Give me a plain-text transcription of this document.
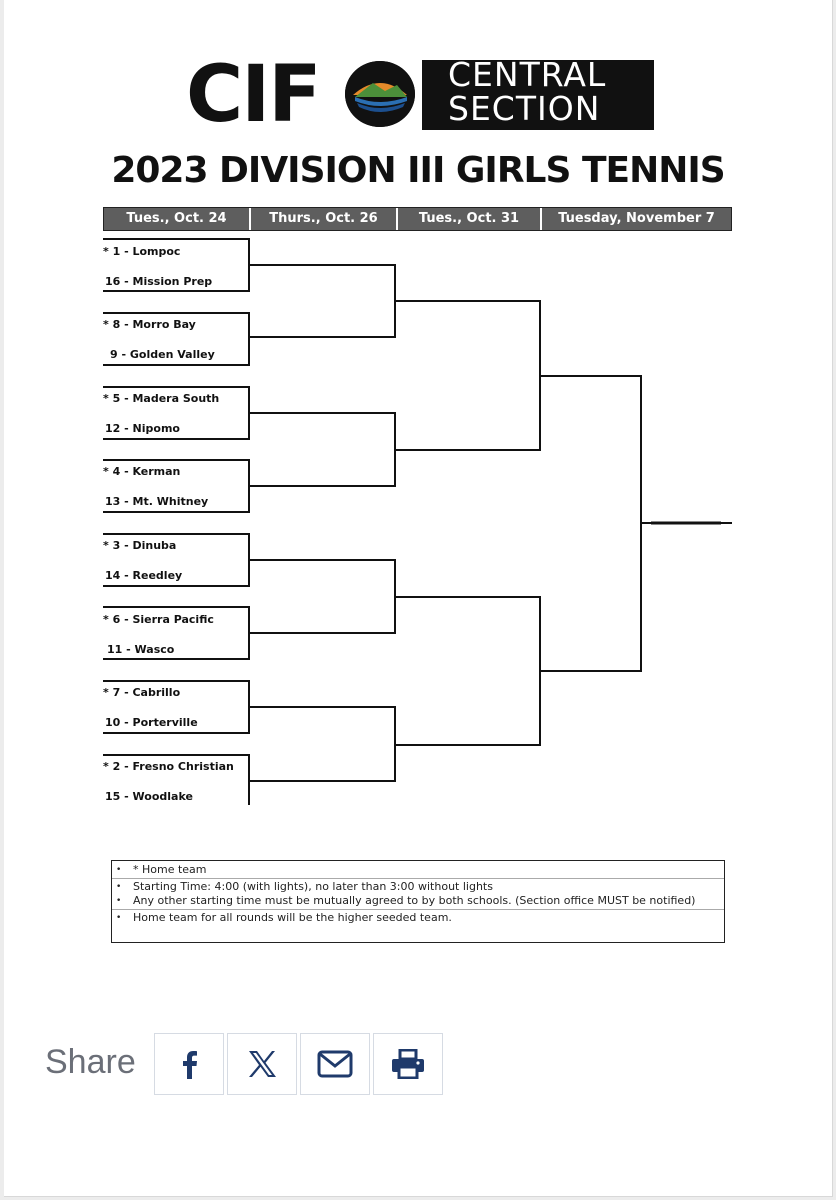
CIF	CENTRAL
SECTION
2023 DIVISION III GIRLS TENNIS
Tues., Oct. 24	Thurs., Oct. 26	Tues., Oct. 31	Tuesday, November 7
* 1 - Lompoc
16 - Mission Prep
* 8 - Morro Bay
9 - Golden Valley
* 5 - Madera South
12 - Nipomo
* 4 - Kerman
13 - Mt. Whitney
* 3 - Dinuba
14 - Reedley
* 6 - Sierra Pacific
11 - Wasco
* 7 - Cabrillo
10 - Porterville
* 2 - Fresno Christian
15 - Woodlake
• * Home team
• Starting Time: 4:00 (with lights), no later than 3:00 without lights
• Any other starting time must be mutually agreed to by both schools. (Section office MUST be notified)
• Home team for all rounds will be the higher seeded team.
Share
